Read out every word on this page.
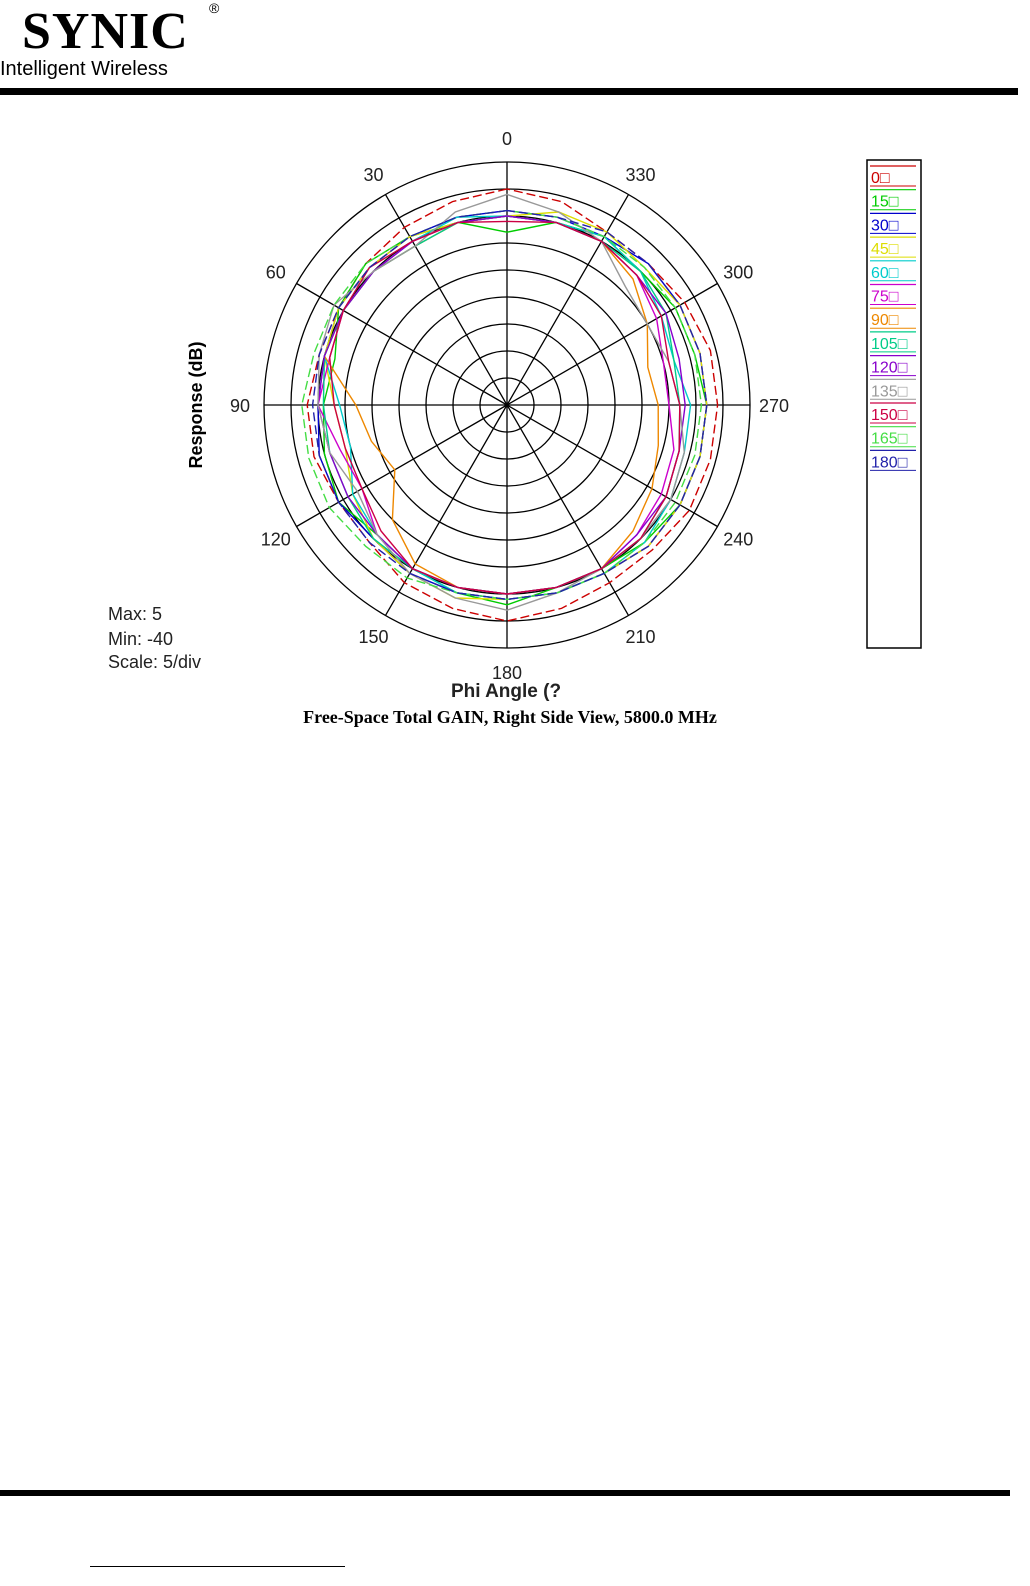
SYNIC ®
Intelligent Wireless
0
330
300
270
240
210
180
150
120
90
60
30
Response (dB)
Phi Angle (?
Free-Space Total GAIN, Right Side View, 5800.0 MHz
Max: 5
Min: -40
Scale: 5/div
0□
15□
30□
45□
60□
75□
90□
105□
120□
135□
150□
165□
180□
